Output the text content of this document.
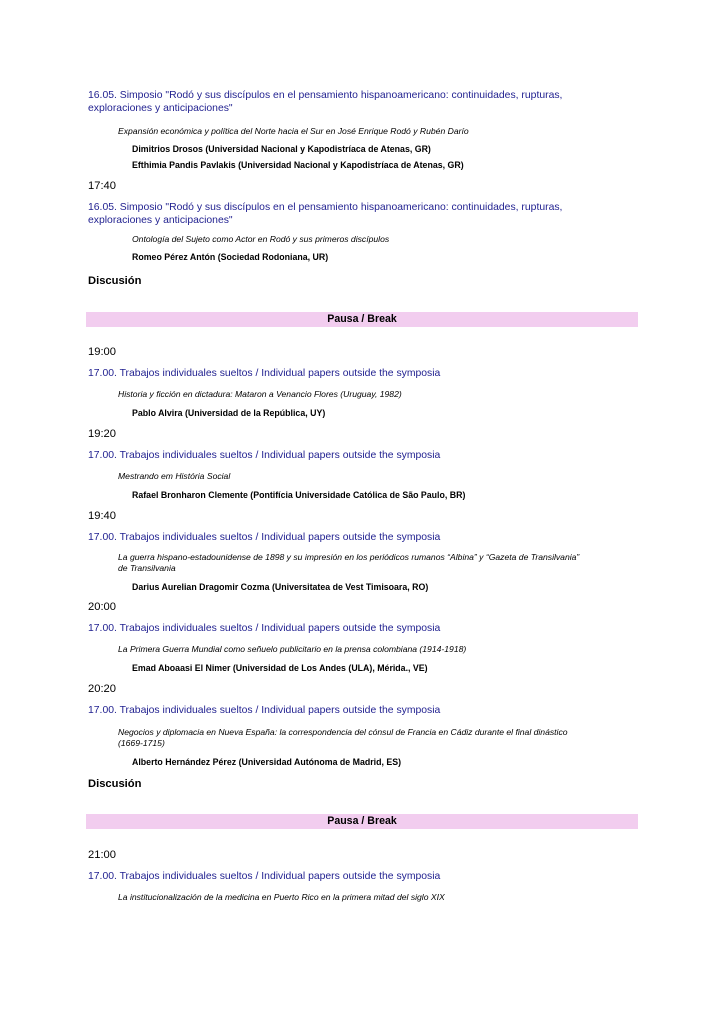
16.05. Simposio "Rodó y sus discípulos en el pensamiento hispanoamericano: continuidades, rupturas, exploraciones y anticipaciones"
Expansión económica y política del Norte hacia el Sur en José Enrique Rodó y Rubén Darío
Dimitrios Drosos (Universidad Nacional y Kapodistríaca de Atenas, GR)
Efthimia Pandis Pavlakis (Universidad Nacional y Kapodistríaca de Atenas, GR)
17:40
16.05. Simposio "Rodó y sus discípulos en el pensamiento hispanoamericano: continuidades, rupturas, exploraciones y anticipaciones"
Ontología del Sujeto como Actor en Rodó y sus primeros discípulos
Romeo Pérez Antón (Sociedad Rodoniana, UR)
Discusión
Pausa / Break
19:00
17.00. Trabajos individuales sueltos / Individual papers outside the symposia
Historia y ficción en dictadura: Mataron a Venancio Flores (Uruguay, 1982)
Pablo Alvira (Universidad de la República, UY)
19:20
17.00. Trabajos individuales sueltos / Individual papers outside the symposia
Mestrando em História Social
Rafael Bronharon Clemente (Pontifícia Universidade Católica de São Paulo, BR)
19:40
17.00. Trabajos individuales sueltos / Individual papers outside the symposia
La guerra hispano-estadounidense de 1898 y su impresión en los periódicos rumanos “Albina” y “Gazeta de Transilvania” de Transilvania
Darius Aurelian Dragomir Cozma (Universitatea de Vest Timisoara, RO)
20:00
17.00. Trabajos individuales sueltos / Individual papers outside the symposia
La Primera Guerra Mundial como señuelo publicitario en la prensa colombiana (1914-1918)
Emad Aboaasi El Nimer (Universidad de Los Andes (ULA), Mérida., VE)
20:20
17.00. Trabajos individuales sueltos / Individual papers outside the symposia
Negocios y diplomacia en Nueva España: la correspondencia del cónsul de Francia en Cádiz durante el final dinástico (1669-1715)
Alberto Hernández Pérez (Universidad Autónoma de Madrid, ES)
Discusión
Pausa / Break
21:00
17.00. Trabajos individuales sueltos / Individual papers outside the symposia
La institucionalización de la medicina en Puerto Rico en la primera mitad del siglo XIX
